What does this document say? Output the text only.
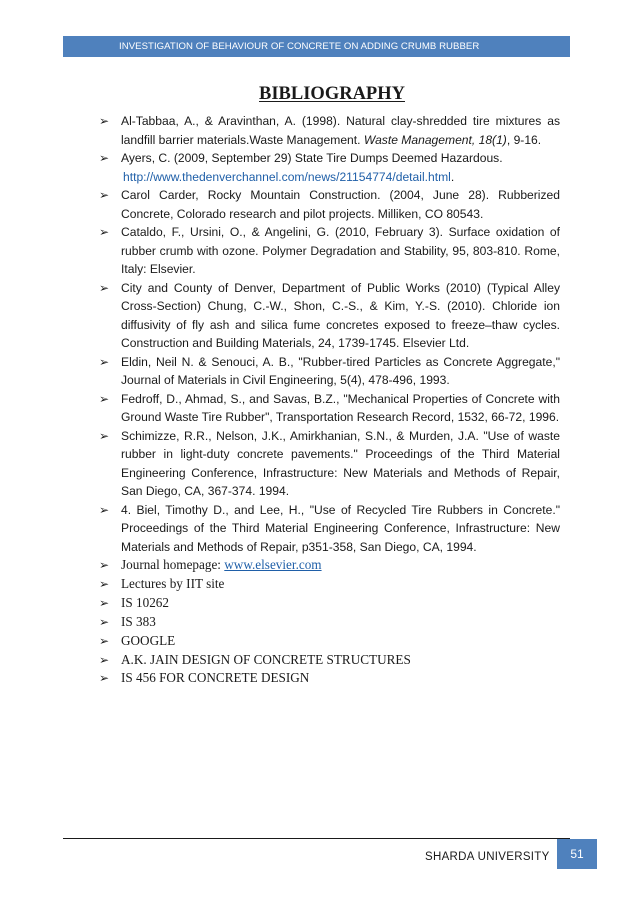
INVESTIGATION OF BEHAVIOUR OF CONCRETE ON ADDING CRUMB RUBBER
BIBLIOGRAPHY
➢ Al-Tabbaa, A., & Aravinthan, A. (1998). Natural clay-shredded tire mixtures as landfill barrier materials.Waste Management. Waste Management, 18(1), 9-16.
➢ Ayers, C. (2009, September 29) State Tire Dumps Deemed Hazardous.
http://www.thedenverchannel.com/news/21154774/detail.html.
➢ Carol Carder, Rocky Mountain Construction. (2004, June 28). Rubberized Concrete, Colorado research and pilot projects. Milliken, CO 80543.
➢ Cataldo, F., Ursini, O., & Angelini, G. (2010, February 3). Surface oxidation of rubber crumb with ozone. Polymer Degradation and Stability, 95, 803-810. Rome, Italy: Elsevier.
➢ City and County of Denver, Department of Public Works (2010) (Typical Alley Cross-Section) Chung, C.-W., Shon, C.-S., & Kim, Y.-S. (2010). Chloride ion diffusivity of fly ash and silica fume concretes exposed to freeze–thaw cycles. Construction and Building Materials, 24, 1739-1745. Elsevier Ltd.
➢ Eldin, Neil N. & Senouci, A. B., "Rubber-tired Particles as Concrete Aggregate," Journal of Materials in Civil Engineering, 5(4), 478-496, 1993.
➢ Fedroff, D., Ahmad, S., and Savas, B.Z., "Mechanical Properties of Concrete with Ground Waste Tire Rubber", Transportation Research Record, 1532, 66-72, 1996.
➢ Schimizze, R.R., Nelson, J.K., Amirkhanian, S.N., & Murden, J.A. "Use of waste rubber in light-duty concrete pavements." Proceedings of the Third Material Engineering Conference, Infrastructure: New Materials and Methods of Repair, San Diego, CA, 367-374. 1994.
➢ 4. Biel, Timothy D., and Lee, H., "Use of Recycled Tire Rubbers in Concrete." Proceedings of the Third Material Engineering Conference, Infrastructure: New Materials and Methods of Repair, p351-358, San Diego, CA, 1994.
➢ Journal homepage: www.elsevier.com
➢ Lectures by IIT site
➢ IS 10262
➢ IS 383
➢ GOOGLE
➢ A.K. JAIN DESIGN OF CONCRETE STRUCTURES
➢ IS 456 FOR CONCRETE DESIGN
SHARDA UNIVERSITY	51
